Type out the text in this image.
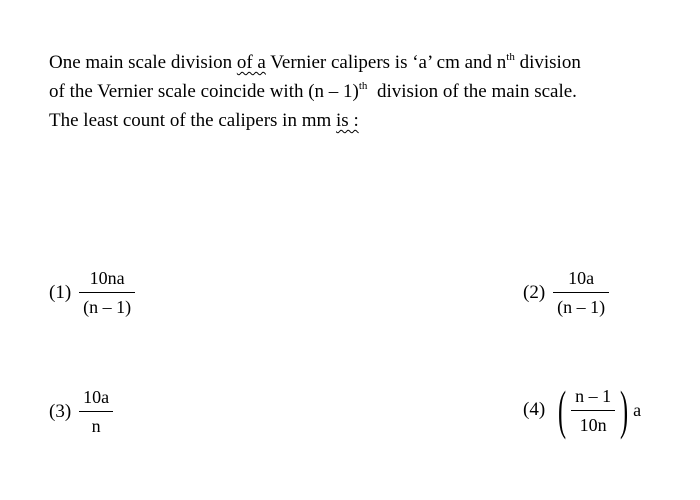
One main scale division of a Vernier calipers is ‘a’ cm and $n^{th}$ division
of the Vernier scale coincide with (n – 1)$^{th}$ division of the main scale.
The least count of the calipers in mm is :
$(1) \frac{10na}{(n - 1)}$	$(2) \frac{10a}{(n - 1)}$
$(3) \frac{10a}{n}$	(4) ( $\frac{n - 1}{10n}$ ) a
